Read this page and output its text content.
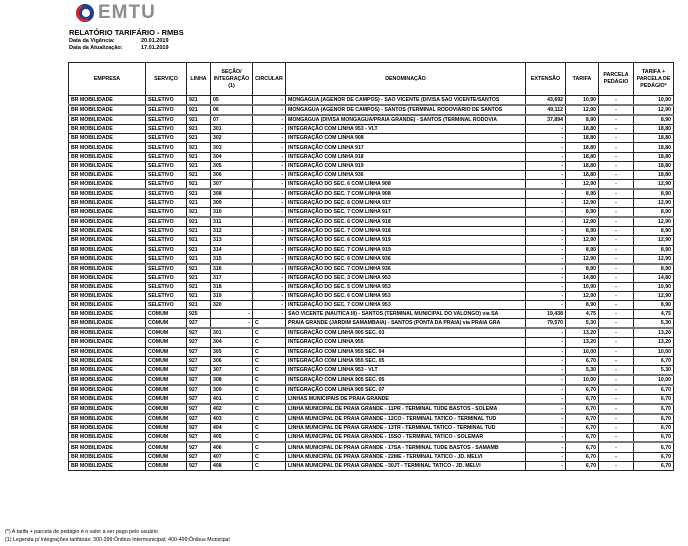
EMTU
RELATÓRIO TARIFÁRIO - RMBS
Data da Vigência:	20.01.2019
Data da Atualização:	17.01.2019
EMPRESA	SERVIÇO	LINHA	SEÇÃO/ INTEGRAÇÃO (1)	CIRCULAR	DENOMINAÇÃO	EXTENSÃO	TARIFA	PARCELA PEDÁGIO	TARIFA + PARCELA DE PEDÁGIO*
BR MOBILIDADE	SELETIVO	921	05	-	MONGAGUA (AGENOR DE CAMPOS) - SAO VICENTE (DIVISA SAO VICENTE/SANTOS	43,692	10,90	-	10,90
BR MOBILIDADE	SELETIVO	921	06	-	MONGAGUA (AGENOR DE CAMPOS) - SANTOS (TERMINAL RODOVIARIO DE SANTOS	49,112	12,90	-	12,90
BR MOBILIDADE	SELETIVO	921	07	-	MONGAGUA (DIVISA MONGAGUA/PRAIA GRANDE) - SANTOS (TERMINAL RODOVIA	37,894	8,90	-	8,90
BR MOBILIDADE	SELETIVO	921	301	-	INTEGRAÇÃO COM LINHA 953 - VLT	-	18,80	-	18,80
BR MOBILIDADE	SELETIVO	921	302	-	INTEGRAÇÃO COM LINHA 908	-	18,80	-	18,80
BR MOBILIDADE	SELETIVO	921	303	-	INTEGRAÇÃO COM LINHA 917	-	18,80	-	18,80
BR MOBILIDADE	SELETIVO	921	304	-	INTEGRAÇÃO COM LINHA 918	-	18,80	-	18,80
BR MOBILIDADE	SELETIVO	921	305	-	INTEGRAÇÃO COM LINHA 919	-	18,80	-	18,80
BR MOBILIDADE	SELETIVO	921	306	-	INTEGRAÇÃO COM LINHA 936	-	18,80	-	18,80
BR MOBILIDADE	SELETIVO	921	307	-	INTEGRAÇÃO DO SEC. 6 COM LINHA 908	-	12,90	-	12,90
BR MOBILIDADE	SELETIVO	921	308	-	INTEGRAÇÃO DO SEC. 7 COM LINHA 908	-	8,90	-	8,90
BR MOBILIDADE	SELETIVO	921	309	-	INTEGRAÇÃO DO SEC. 6 COM LINHA 917	-	12,90	-	12,90
BR MOBILIDADE	SELETIVO	921	310	-	INTEGRAÇÃO DO SEC. 7 COM LINHA 917	-	8,90	-	8,90
BR MOBILIDADE	SELETIVO	921	311	-	INTEGRAÇÃO DO SEC. 6 COM LINHA 918	-	12,90	-	12,90
BR MOBILIDADE	SELETIVO	921	312	-	INTEGRAÇÃO DO SEC. 7 COM LINHA 918	-	8,90	-	8,90
BR MOBILIDADE	SELETIVO	921	313	-	INTEGRAÇÃO DO SEC. 6 COM LINHA 919	-	12,90	-	12,90
BR MOBILIDADE	SELETIVO	921	314	-	INTEGRAÇÃO DO SEC. 7 COM LINHA 919	-	8,90	-	8,90
BR MOBILIDADE	SELETIVO	921	315	-	INTEGRAÇÃO DO SEC. 6 COM LINHA 936	-	12,90	-	12,90
BR MOBILIDADE	SELETIVO	921	316	-	INTEGRAÇÃO DO SEC. 7 COM LINHA 936	-	8,90	-	8,90
BR MOBILIDADE	SELETIVO	921	317	-	INTEGRAÇÃO DO SEC. 3 COM LINHA 953	-	14,80	-	14,80
BR MOBILIDADE	SELETIVO	921	318	-	INTEGRAÇÃO DO SEC. 5 COM LINHA 953	-	10,90	-	10,90
BR MOBILIDADE	SELETIVO	921	319	-	INTEGRAÇÃO DO SEC. 6 COM LINHA 953	-	12,90	-	12,90
BR MOBILIDADE	SELETIVO	921	320	-	INTEGRAÇÃO DO SEC. 7 COM LINHA 953	-	8,90	-	8,90
BR MOBILIDADE	COMUM	925	-	-	SAO VICENTE (NAUTICA III) - SANTOS (TERMINAL MUNICIPAL DO VALONGO) via SA	19,438	4,75	-	4,75
BR MOBILIDADE	COMUM	927	-	C	PRAIA GRANDE (JARDIM SAMAMBAIA) - SANTOS (PONTA DA PRAIA) via PRAIA GRA	79,570	5,30	-	5,30
BR MOBILIDADE	COMUM	927	301	C	INTEGRAÇÃO COM LINHA 905 SEC. 03	-	13,20	-	13,20
BR MOBILIDADE	COMUM	927	304	C	INTEGRAÇÃO COM LINHA 955	-	13,20	-	13,20
BR MOBILIDADE	COMUM	927	305	C	INTEGRAÇÃO COM LINHA 955 SEC. 04	-	10,00	-	10,00
BR MOBILIDADE	COMUM	927	306	C	INTEGRAÇÃO COM LINHA 955 SEC. 05	-	6,70	-	6,70
BR MOBILIDADE	COMUM	927	307	C	INTEGRAÇÃO COM LINHA 953 - VLT	-	5,30	-	5,30
BR MOBILIDADE	COMUM	927	308	C	INTEGRAÇÃO COM LINHA 905 SEC. 05	-	10,00	-	10,00
BR MOBILIDADE	COMUM	927	309	C	INTEGRAÇÃO COM LINHA 905 SEC. 07	-	6,70	-	6,70
BR MOBILIDADE	COMUM	927	401	C	LINHAS MUNICIPAIS DE PRAIA GRANDE	-	6,70	-	6,70
BR MOBILIDADE	COMUM	927	402	C	LINHA MUNICIPAL DE PRAIA GRANDE - 11PR - TERMINAL TUDE BASTOS - SOLEMA	-	6,70	-	6,70
BR MOBILIDADE	COMUM	927	403	C	LINHA MUNICIPAL DE PRAIA GRANDE - 12CO - TERMINAL TATICO - TERMINAL TUD	-	6,70	-	6,70
BR MOBILIDADE	COMUM	927	404	C	LINHA MUNICIPAL DE PRAIA GRANDE - 13TR - TERMINAL TATICO - TERMINAL TUD	-	6,70	-	6,70
BR MOBILIDADE	COMUM	927	405	C	LINHA MUNICIPAL DE PRAIA GRANDE - 15SO - TERMINAL TATICO - SOLEMAR	-	6,70	-	6,70
BR MOBILIDADE	COMUM	927	406	C	LINHA MUNICIPAL DE PRAIA GRANDE - 17SA - TERMINAL TUDE BASTOS - SAMAMB	-	6,70	-	6,70
BR MOBILIDADE	COMUM	927	407	C	LINHA MUNICIPAL DE PRAIA GRANDE - 22ME - TERMINAL TATICO - JD. MELVI	-	6,70	-	6,70
BR MOBILIDADE	COMUM	927	408	C	LINHA MUNICIPAL DE PRAIA GRANDE - 30JT - TERMINAL TATICO - JD. MELVI	-	6,70	-	6,70
(*) A tarifa + parcela de pedágio é o valor a ser pago pelo usuário
(1) Legenda p/ integrações tarifárias: 300-399:Ônibus Intermunicipal; 400-499:Ônibus Municipal
